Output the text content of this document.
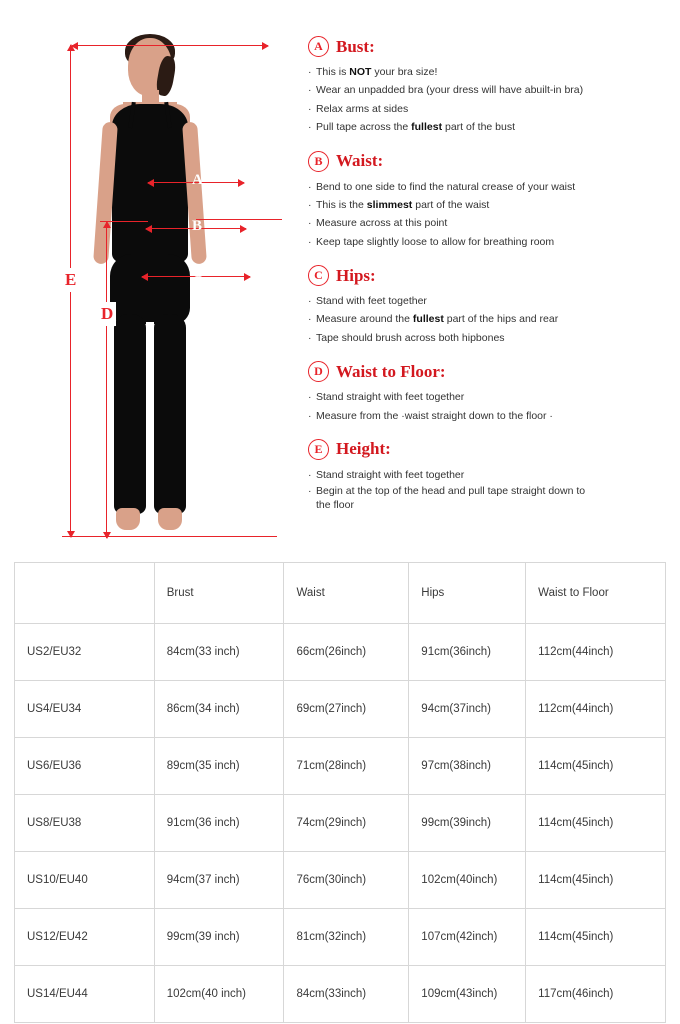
A
B
C
E
D
A Bust:
· This is NOT your bra size!
· Wear an unpadded bra (your dress will have abuilt-in bra)
· Relax arms at sides
· Pull tape across the fullest part of the bust
B Waist:
· Bend to one side to find the natural crease of your waist
· This is the slimmest part of the waist
· Measure across at this point
· Keep tape slightly loose to allow for breathing room
C Hips:
· Stand with feet together
· Measure around the fullest part of the hips and rear
· Tape should brush across both hipbones
D Waist to Floor:
· Stand straight with feet together
· Measure from the ·waist straight down to the floor ·
E Height:
· Stand straight with feet together
· Begin at the top of the head and pull tape straight down to the floor
	Brust	Waist	Hips	Waist to Floor
US2/EU32	84cm(33 inch)	66cm(26inch)	91cm(36inch)	112cm(44inch)
US4/EU34	86cm(34 inch)	69cm(27inch)	94cm(37inch)	112cm(44inch)
US6/EU36	89cm(35 inch)	71cm(28inch)	97cm(38inch)	114cm(45inch)
US8/EU38	91cm(36 inch)	74cm(29inch)	99cm(39inch)	114cm(45inch)
US10/EU40	94cm(37 inch)	76cm(30inch)	102cm(40inch)	114cm(45inch)
US12/EU42	99cm(39 inch)	81cm(32inch)	107cm(42inch)	114cm(45inch)
US14/EU44	102cm(40 inch)	84cm(33inch)	109cm(43inch)	117cm(46inch)
